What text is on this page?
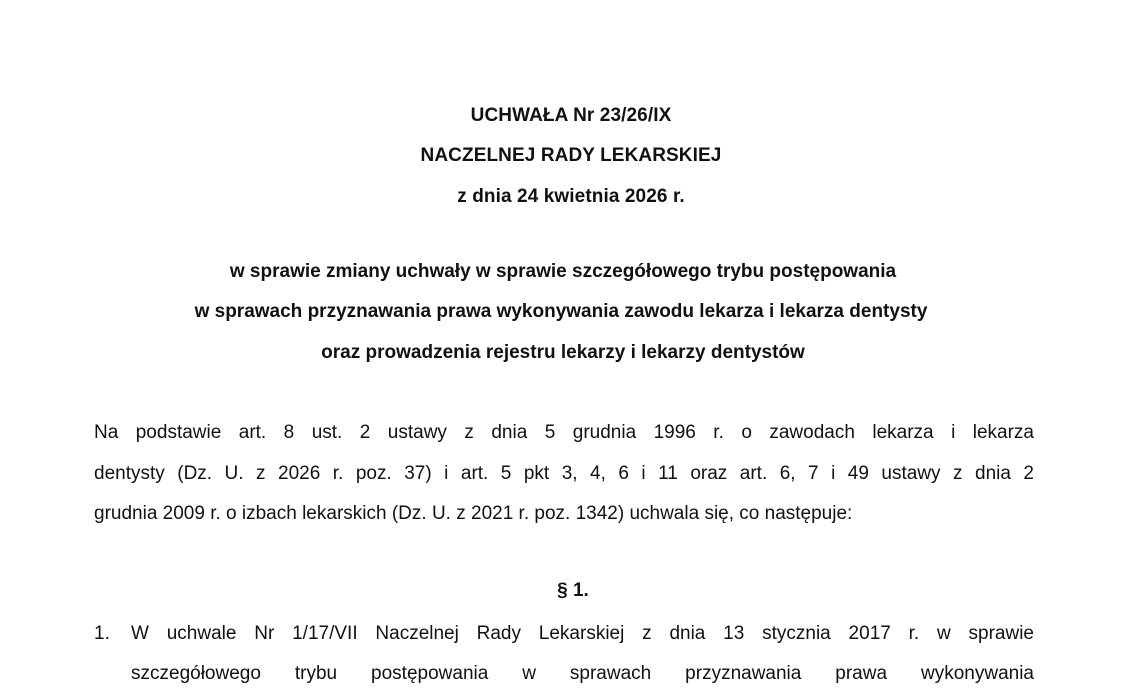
UCHWAŁA Nr 23/26/IX
NACZELNEJ RADY LEKARSKIEJ
z dnia 24 kwietnia 2026 r.
w sprawie zmiany uchwały w sprawie szczegółowego trybu postępowania
w sprawach przyznawania prawa wykonywania zawodu lekarza i lekarza dentysty
oraz prowadzenia rejestru lekarzy i lekarzy dentystów
Na podstawie art. 8 ust. 2 ustawy z dnia 5 grudnia 1996 r. o zawodach lekarza i lekarza
dentysty (Dz. U. z 2026 r. poz. 37) i art. 5 pkt 3, 4, 6 i 11 oraz art. 6, 7 i 49 ustawy z dnia 2
grudnia 2009 r. o izbach lekarskich (Dz. U. z 2021 r. poz. 1342) uchwala się, co następuje:
§ 1.
1. W uchwale Nr 1/17/VII Naczelnej Rady Lekarskiej z dnia 13 stycznia 2017 r. w sprawie
szczegółowego trybu postępowania w sprawach przyznawania prawa wykonywania
